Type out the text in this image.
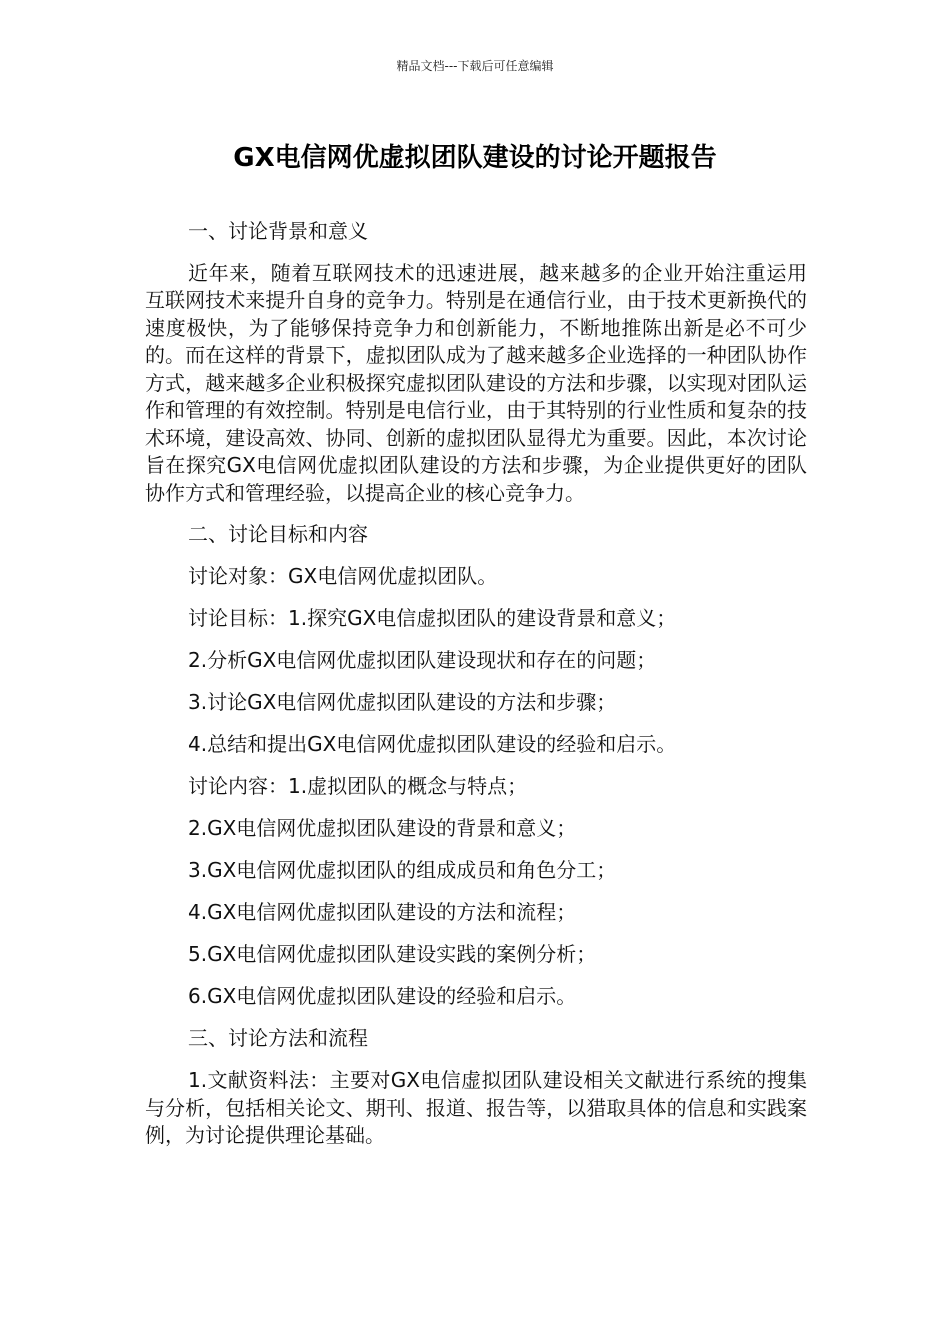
精品文档---下载后可任意编辑
GX电信网优虚拟团队建设的讨论开题报告

一、讨论背景和意义

近年来，随着互联网技术的迅速进展，越来越多的企业开始注重运用互联网技术来提升自身的竞争力。特别是在通信行业，由于技术更新换代的速度极快，为了能够保持竞争力和创新能力，不断地推陈出新是必不可少的。而在这样的背景下，虚拟团队成为了越来越多企业选择的一种团队协作方式，越来越多企业积极探究虚拟团队建设的方法和步骤，以实现对团队运作和管理的有效控制。特别是电信行业，由于其特别的行业性质和复杂的技术环境，建设高效、协同、创新的虚拟团队显得尤为重要。因此，本次讨论旨在探究GX电信网优虚拟团队建设的方法和步骤，为企业提供更好的团队协作方式和管理经验，以提高企业的核心竞争力。

二、讨论目标和内容

讨论对象：GX电信网优虚拟团队。

讨论目标：1.探究GX电信虚拟团队的建设背景和意义；

2.分析GX电信网优虚拟团队建设现状和存在的问题；

3.讨论GX电信网优虚拟团队建设的方法和步骤；

4.总结和提出GX电信网优虚拟团队建设的经验和启示。

讨论内容：1.虚拟团队的概念与特点；

2.GX电信网优虚拟团队建设的背景和意义；

3.GX电信网优虚拟团队的组成成员和角色分工；

4.GX电信网优虚拟团队建设的方法和流程；

5.GX电信网优虚拟团队建设实践的案例分析；

6.GX电信网优虚拟团队建设的经验和启示。

三、讨论方法和流程

1.文献资料法：主要对GX电信虚拟团队建设相关文献进行系统的搜集与分析，包括相关论文、期刊、报道、报告等，以猎取具体的信息和实践案例，为讨论提供理论基础。
